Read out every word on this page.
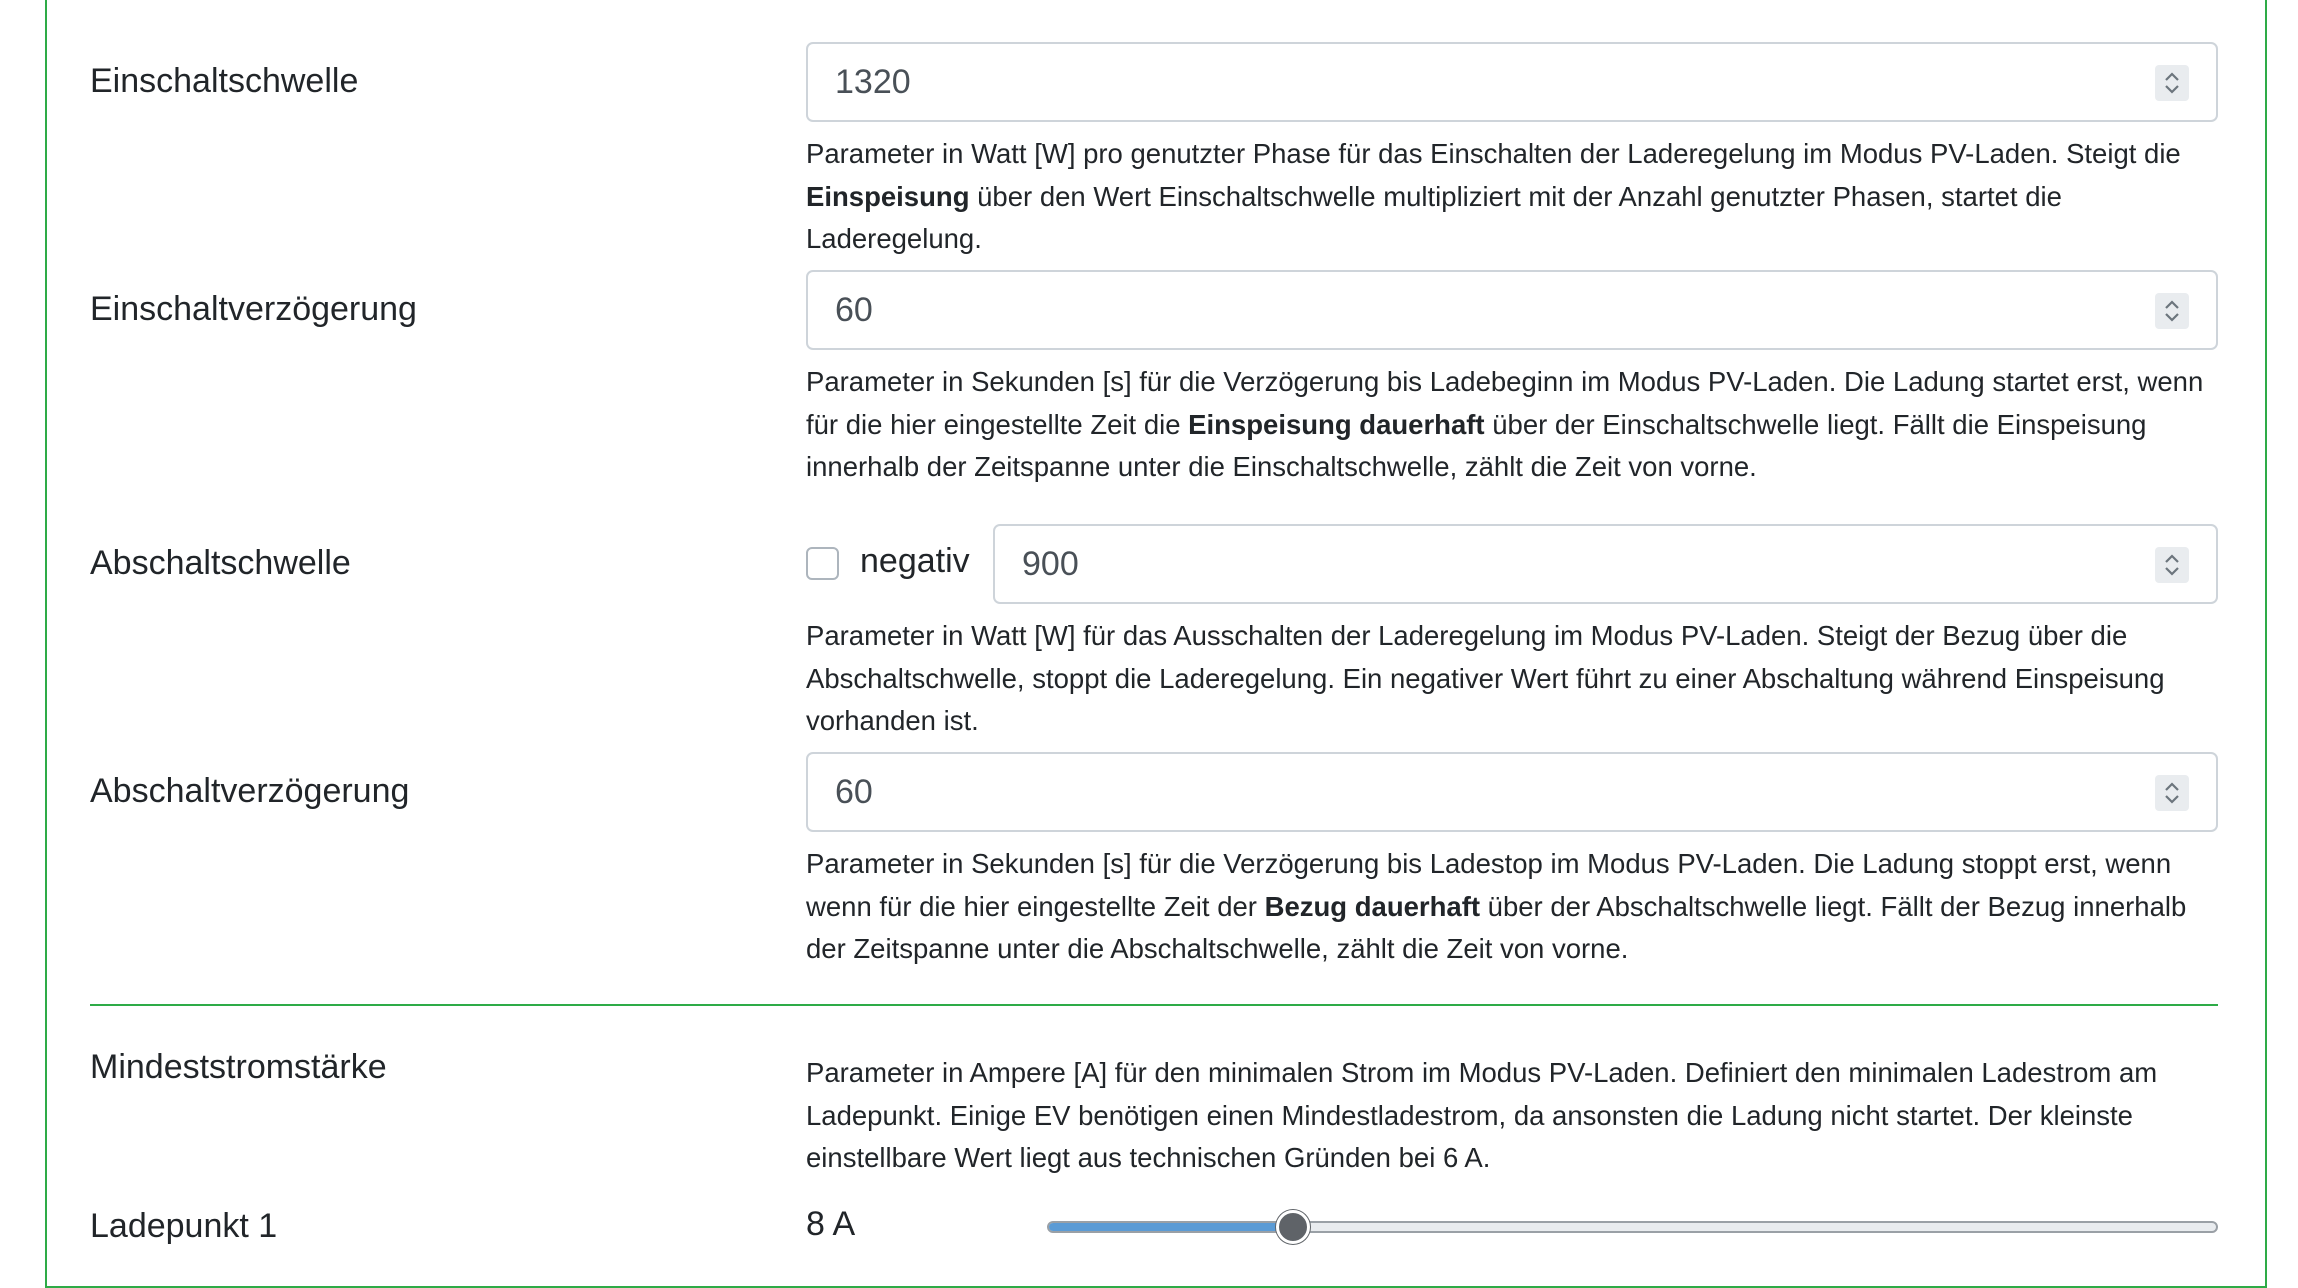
Einschaltschwelle	1320
Parameter in Watt [W] pro genutzter Phase für das Einschalten der Laderegelung im Modus PV-Laden. Steigt die Einspeisung über den Wert Einschaltschwelle multipliziert mit der Anzahl genutzter Phasen, startet die Laderegelung.
Einschaltverzögerung	60
Parameter in Sekunden [s] für die Verzögerung bis Ladebeginn im Modus PV-Laden. Die Ladung startet erst, wenn für die hier eingestellte Zeit die Einspeisung dauerhaft über der Einschaltschwelle liegt. Fällt die Einspeisung innerhalb der Zeitspanne unter die Einschaltschwelle, zählt die Zeit von vorne.
Abschaltschwelle	negativ 900
Parameter in Watt [W] für das Ausschalten der Laderegelung im Modus PV-Laden. Steigt der Bezug über die Abschaltschwelle, stoppt die Laderegelung. Ein negativer Wert führt zu einer Abschaltung während Einspeisung vorhanden ist.
Abschaltverzögerung	60
Parameter in Sekunden [s] für die Verzögerung bis Ladestop im Modus PV-Laden. Die Ladung stoppt erst, wenn wenn für die hier eingestellte Zeit der Bezug dauerhaft über der Abschaltschwelle liegt. Fällt der Bezug innerhalb der Zeitspanne unter die Abschaltschwelle, zählt die Zeit von vorne.
Mindeststromstärke	Parameter in Ampere [A] für den minimalen Strom im Modus PV-Laden. Definiert den minimalen Ladestrom am Ladepunkt. Einige EV benötigen einen Mindestladestrom, da ansonsten die Ladung nicht startet. Der kleinste einstellbare Wert liegt aus technischen Gründen bei 6 A.
Ladepunkt 1	8 A
